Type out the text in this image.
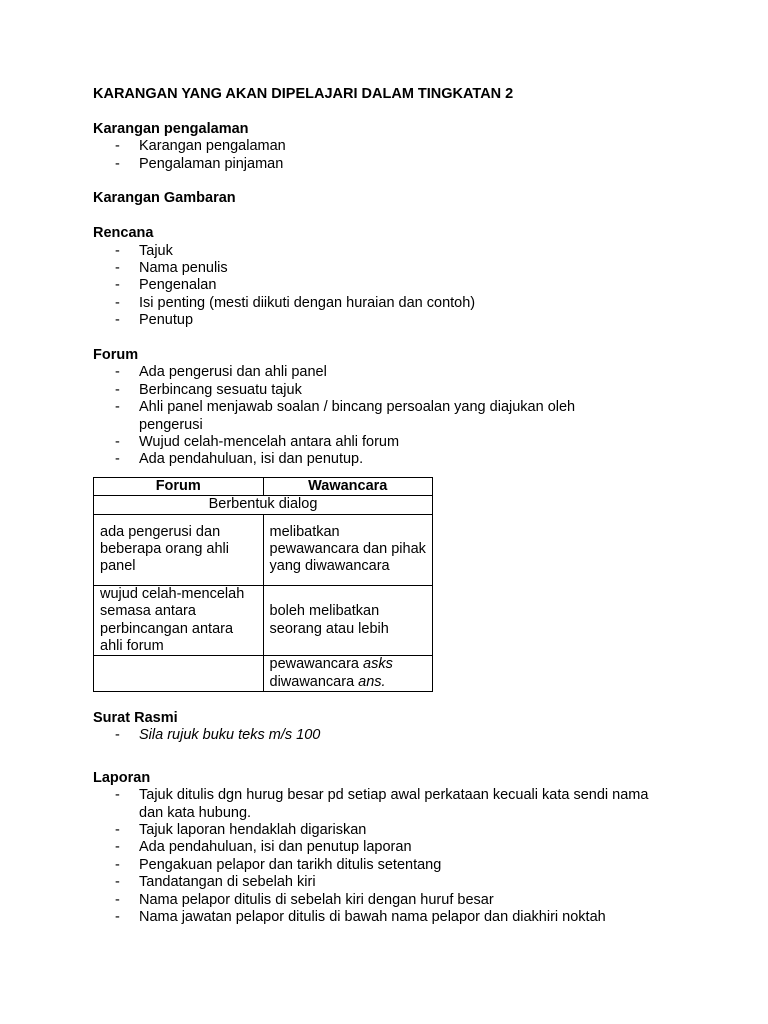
KARANGAN YANG AKAN DIPELAJARI DALAM TINGKATAN 2

Karangan pengalaman

- Karangan pengalaman
- Pengalaman pinjaman

Karangan Gambaran

Rencana

- Tajuk
- Nama penulis
- Pengenalan
- Isi penting (mesti diikuti dengan huraian dan contoh)
- Penutup

Forum

- Ada pengerusi dan ahli panel
- Berbincang sesuatu tajuk
- Ahli panel menjawab soalan / bincang persoalan yang diajukan oleh pengerusi
- Wujud celah-mencelah antara ahli forum
- Ada pendahuluan, isi dan penutup.
Forum	Wawancara
Berbentuk dialog	
ada pengerusi dan beberapa orang ahli panel	melibatkan pewawancara dan pihak yang diwawancara
wujud celah-mencelah semasa antara perbincangan antara ahli forum	boleh melibatkan seorang atau lebih
	pewawancara asks
diwawancara ans.

Surat Rasmi

- Sila rujuk buku teks m/s 100

Laporan

- Tajuk ditulis dgn hurug besar pd setiap awal perkataan kecuali kata sendi nama dan kata hubung.
- Tajuk laporan hendaklah digariskan
- Ada pendahuluan, isi dan penutup laporan
- Pengakuan pelapor dan tarikh ditulis setentang
- Tandatangan di sebelah kiri
- Nama pelapor ditulis di sebelah kiri dengan huruf besar
- Nama jawatan pelapor ditulis di bawah nama pelapor dan diakhiri noktah
